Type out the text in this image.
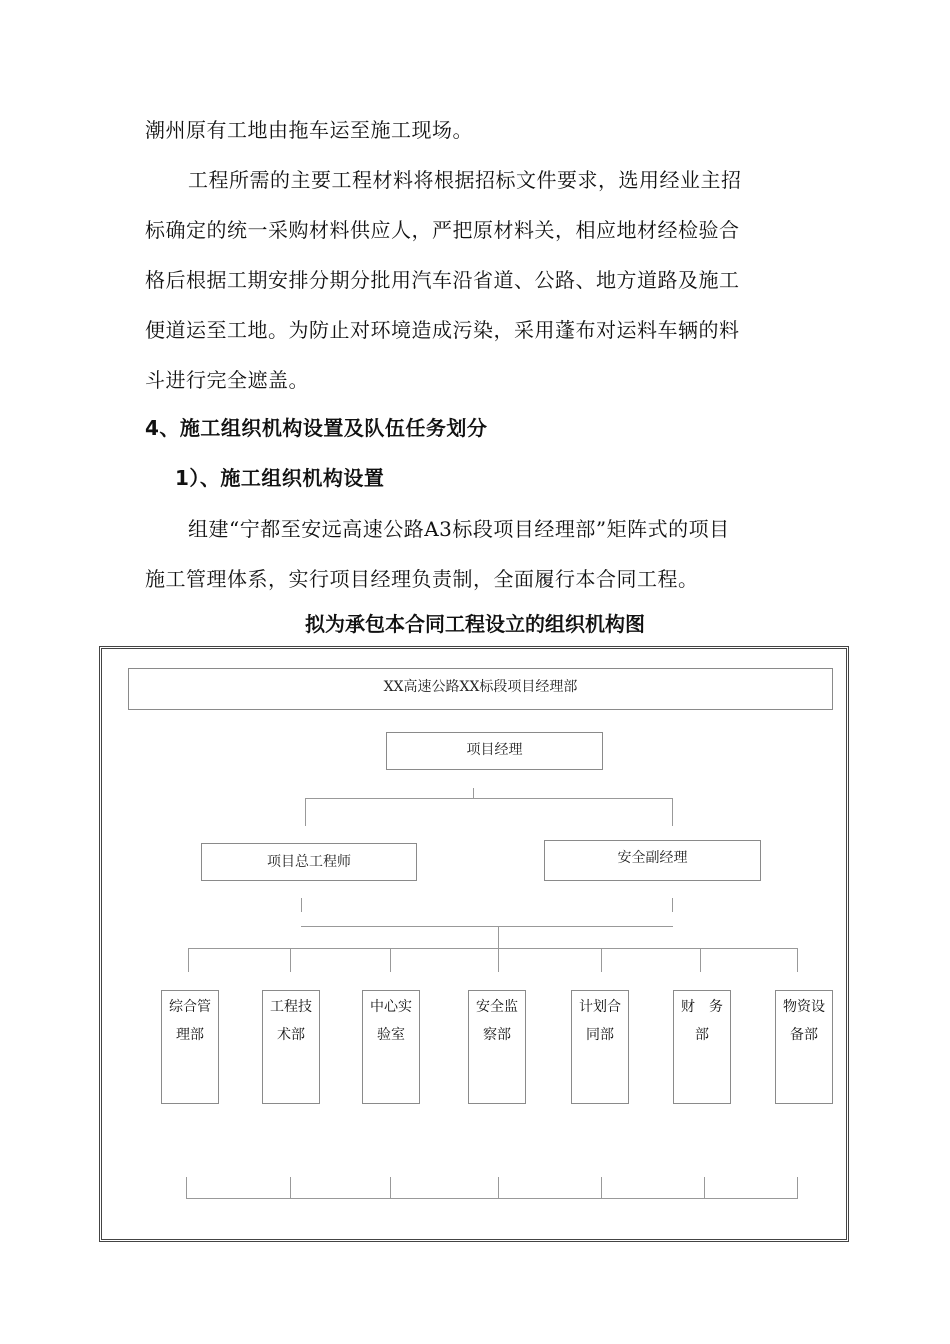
潮州原有工地由拖车运至施工现场。
工程所需的主要工程材料将根据招标文件要求，选用经业主招
标确定的统一采购材料供应人，严把原材料关，相应地材经检验合
格后根据工期安排分期分批用汽车沿省道、公路、地方道路及施工
便道运至工地。为防止对环境造成污染，采用蓬布对运料车辆的料
斗进行完全遮盖。
4、施工组织机构设置及队伍任务划分
1）、施工组织机构设置
组建“宁都至安远高速公路A3标段项目经理部”矩阵式的项目
施工管理体系，实行项目经理负责制，全面履行本合同工程。
拟为承包本合同工程设立的组织机构图
XX高速公路XX标段项目经理部
项目经理
项目总工程师	安全副经理
综合管
理部
工程技
术部
中心实
验室
安全监
察部
计划合
同部
财　务
部
物资设
备部
